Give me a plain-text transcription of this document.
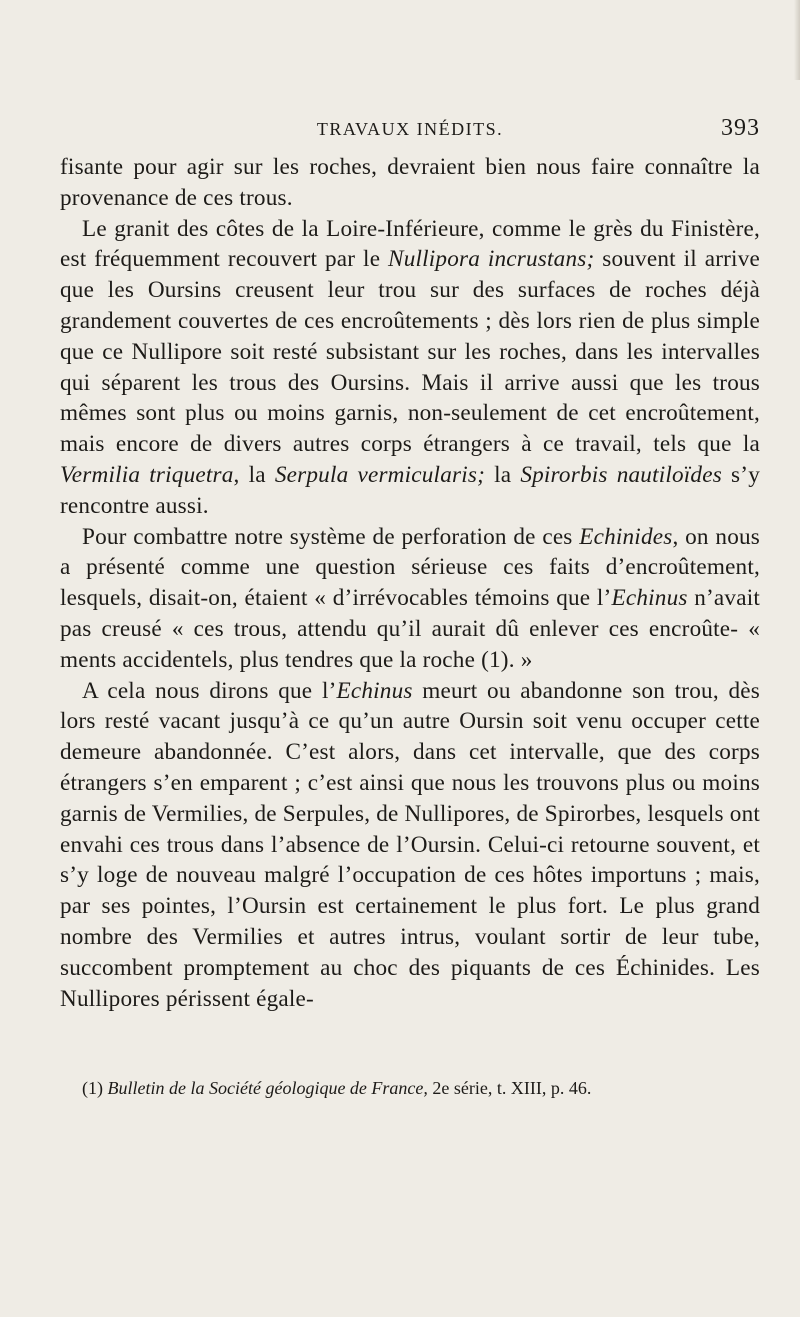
TRAVAUX INÉDITS.	393

fisante pour agir sur les roches, devraient bien nous faire connaître la provenance de ces trous.

Le granit des côtes de la Loire-Inférieure, comme le grès du Finistère, est fréquemment recouvert par le Nullipora incrustans; souvent il arrive que les Oursins creusent leur trou sur des surfaces de roches déjà grandement couvertes de ces encroûtements ; dès lors rien de plus simple que ce Nullipore soit resté subsistant sur les roches, dans les intervalles qui séparent les trous des Oursins. Mais il arrive aussi que les trous mêmes sont plus ou moins garnis, non-seulement de cet encroûtement, mais encore de divers autres corps étrangers à ce travail, tels que la Vermilia triquetra, la Serpula vermicularis; la Spirorbis nautiloïdes s’y rencontre aussi.

Pour combattre notre système de perforation de ces Echinides, on nous a présenté comme une question sérieuse ces faits d’encroûtement, lesquels, disait-on, étaient « d’irrévocables témoins que l’Echinus n’avait pas creusé « ces trous, attendu qu’il aurait dû enlever ces encroûte- « ments accidentels, plus tendres que la roche (1). »

A cela nous dirons que l’Echinus meurt ou abandonne son trou, dès lors resté vacant jusqu’à ce qu’un autre Oursin soit venu occuper cette demeure abandonnée. C’est alors, dans cet intervalle, que des corps étrangers s’en emparent ; c’est ainsi que nous les trouvons plus ou moins garnis de Vermilies, de Serpules, de Nullipores, de Spirorbes, lesquels ont envahi ces trous dans l’absence de l’Oursin. Celui-ci retourne souvent, et s’y loge de nouveau malgré l’occupation de ces hôtes importuns ; mais, par ses pointes, l’Oursin est certainement le plus fort. Le plus grand nombre des Vermilies et autres intrus, voulant sortir de leur tube, succombent promptement au choc des piquants de ces Échinides. Les Nullipores périssent égale-

(1) Bulletin de la Société géologique de France, 2e série, t. XIII, p. 46.
